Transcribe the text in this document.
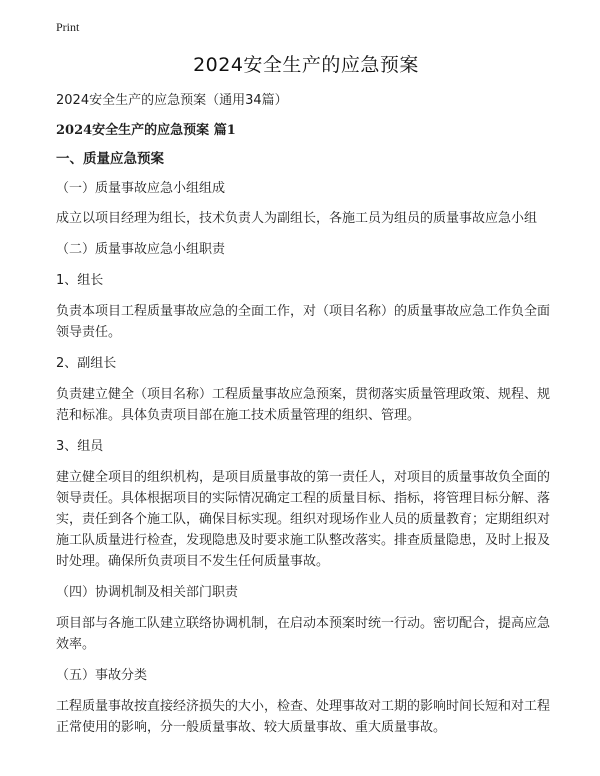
Print
2024安全生产的应急预案

2024安全生产的应急预案（通用34篇）

2024安全生产的应急预案 篇1

一、质量应急预案

（一）质量事故应急小组组成

成立以项目经理为组长，技术负责人为副组长，各施工员为组员的质量事故应急小组

（二）质量事故应急小组职责

1、组长

负责本项目工程质量事故应急的全面工作，对（项目名称）的质量事故应急工作负全面领导责任。

2、副组长

负责建立健全（项目名称）工程质量事故应急预案，贯彻落实质量管理政策、规程、规范和标准。具体负责项目部在施工技术质量管理的组织、管理。

3、组员

建立健全项目的组织机构，是项目质量事故的第一责任人，对项目的质量事故负全面的领导责任。具体根据项目的实际情况确定工程的质量目标、指标，将管理目标分解、落实，责任到各个施工队，确保目标实现。组织对现场作业人员的质量教育；定期组织对施工队质量进行检查，发现隐患及时要求施工队整改落实。排查质量隐患，及时上报及时处理。确保所负责项目不发生任何质量事故。

（四）协调机制及相关部门职责

项目部与各施工队建立联络协调机制，在启动本预案时统一行动。密切配合，提高应急效率。

（五）事故分类

工程质量事故按直接经济损失的大小，检查、处理事故对工期的影响时间长短和对工程正常使用的影响，分一般质量事故、较大质量事故、重大质量事故。
